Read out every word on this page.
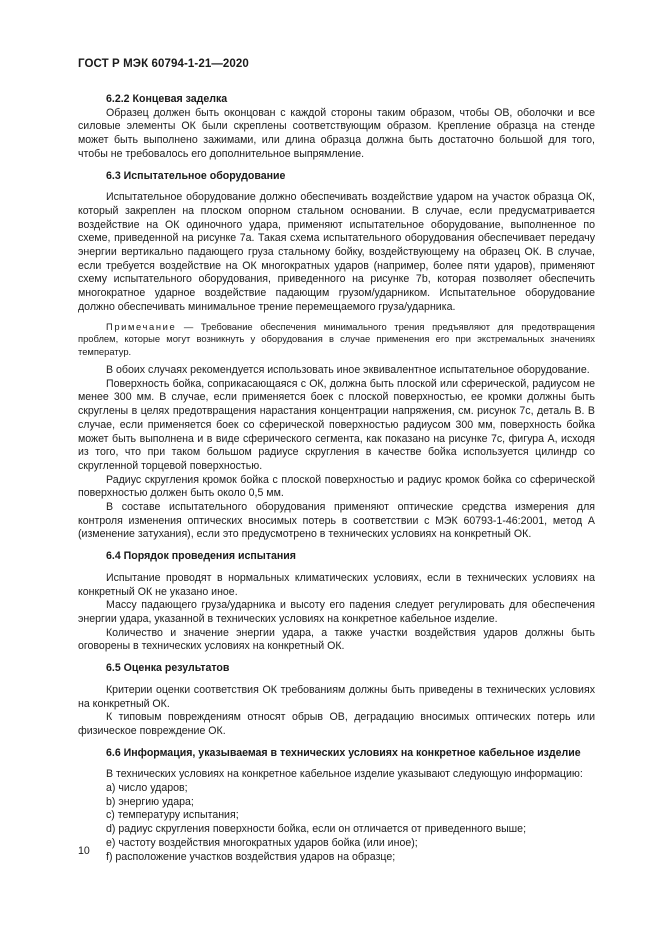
ГОСТ Р МЭК 60794-1-21—2020

6.2.2 Концевая заделка

Образец должен быть оконцован с каждой стороны таким образом, чтобы ОВ, оболочки и все силовые элементы ОК были скреплены соответствующим образом. Крепление образца на стенде может быть выполнено зажимами, или длина образца должна быть достаточно большой для того, чтобы не требовалось его дополнительное выпрямление.

6.3 Испытательное оборудование

Испытательное оборудование должно обеспечивать воздействие ударом на участок образца ОК, который закреплен на плоском опорном стальном основании. В случае, если предусматривается воздействие на ОК одиночного удара, применяют испытательное оборудование, выполненное по схеме, приведенной на рисунке 7а. Такая схема испытательного оборудования обеспечивает передачу энергии вертикально падающего груза стальному бойку, воздействующему на образец ОК. В случае, если требуется воздействие на ОК многократных ударов (например, более пяти ударов), применяют схему испытательного оборудования, приведенного на рисунке 7b, которая позволяет обеспечить многократное ударное воздействие падающим грузом/ударником. Испытательное оборудование должно обеспечивать минимальное трение перемещаемого груза/ударника.

Примечание — Требование обеспечения минимального трения предъявляют для предотвращения проблем, которые могут возникнуть у оборудования в случае применения его при экстремальных значениях температур.

В обоих случаях рекомендуется использовать иное эквивалентное испытательное оборудование.

Поверхность бойка, соприкасающаяся с ОК, должна быть плоской или сферической, радиусом не менее 300 мм. В случае, если применяется боек с плоской поверхностью, ее кромки должны быть скруглены в целях предотвращения нарастания концентрации напряжения, см. рисунок 7с, деталь В. В случае, если применяется боек со сферической поверхностью радиусом 300 мм, поверхность бойка может быть выполнена и в виде сферического сегмента, как показано на рисунке 7с, фигура А, исходя из того, что при таком большом радиусе скругления в качестве бойка используется цилиндр со скругленной торцевой поверхностью.

Радиус скругления кромок бойка с плоской поверхностью и радиус кромок бойка со сферической поверхностью должен быть около 0,5 мм.

В составе испытательного оборудования применяют оптические средства измерения для контроля изменения оптических вносимых потерь в соответствии с МЭК 60793-1-46:2001, метод А (изменение затухания), если это предусмотрено в технических условиях на конкретный ОК.

6.4 Порядок проведения испытания

Испытание проводят в нормальных климатических условиях, если в технических условиях на конкретный ОК не указано иное.

Массу падающего груза/ударника и высоту его падения следует регулировать для обеспечения энергии удара, указанной в технических условиях на конкретное кабельное изделие.

Количество и значение энергии удара, а также участки воздействия ударов должны быть оговорены в технических условиях на конкретный ОК.

6.5 Оценка результатов

Критерии оценки соответствия ОК требованиям должны быть приведены в технических условиях на конкретный ОК.

К типовым повреждениям относят обрыв ОВ, деградацию вносимых оптических потерь или физическое повреждение ОК.

6.6 Информация, указываемая в технических условиях на конкретное кабельное изделие

В технических условиях на конкретное кабельное изделие указывают следующую информацию:

a) число ударов;

b) энергию удара;

c) температуру испытания;

d) радиус скругления поверхности бойка, если он отличается от приведенного выше;

e) частоту воздействия многократных ударов бойка (или иное);

f) расположение участков воздействия ударов на образце;

10
